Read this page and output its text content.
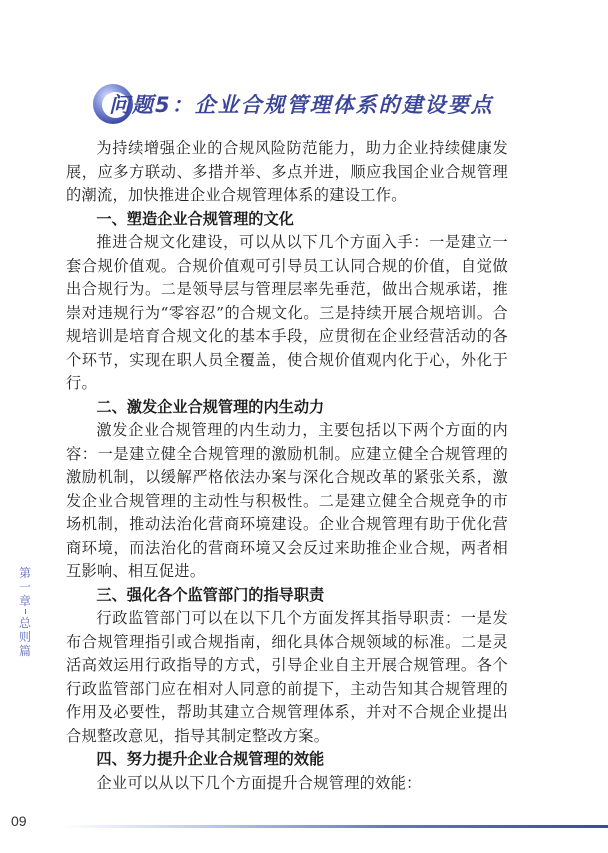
问题5：企业合规管理体系的建设要点

为持续增强企业的合规风险防范能力，助力企业持续健康发展，应多方联动、多措并举、多点并进，顺应我国企业合规管理的潮流，加快推进企业合规管理体系的建设工作。

一、塑造企业合规管理的文化

推进合规文化建设，可以从以下几个方面入手：一是建立一套合规价值观。合规价值观可引导员工认同合规的价值，自觉做出合规行为。二是领导层与管理层率先垂范，做出合规承诺，推崇对违规行为“零容忍”的合规文化。三是持续开展合规培训。合规培训是培育合规文化的基本手段，应贯彻在企业经营活动的各个环节，实现在职人员全覆盖，使合规价值观内化于心，外化于行。

二、激发企业合规管理的内生动力

激发企业合规管理的内生动力，主要包括以下两个方面的内容：一是建立健全合规管理的激励机制。应建立健全合规管理的激励机制，以缓解严格依法办案与深化合规改革的紧张关系，激发企业合规管理的主动性与积极性。二是建立健全合规竞争的市场机制，推动法治化营商环境建设。企业合规管理有助于优化营商环境，而法治化的营商环境又会反过来助推企业合规，两者相互影响、相互促进。

三、强化各个监管部门的指导职责

行政监管部门可以在以下几个方面发挥其指导职责：一是发布合规管理指引或合规指南，细化具体合规领域的标准。二是灵活高效运用行政指导的方式，引导企业自主开展合规管理。各个行政监管部门应在相对人同意的前提下，主动告知其合规管理的作用及必要性，帮助其建立合规管理体系，并对不合规企业提出合规整改意见，指导其制定整改方案。

四、努力提升企业合规管理的效能

企业可以从以下几个方面提升合规管理的效能：

第一章
总则篇
09
